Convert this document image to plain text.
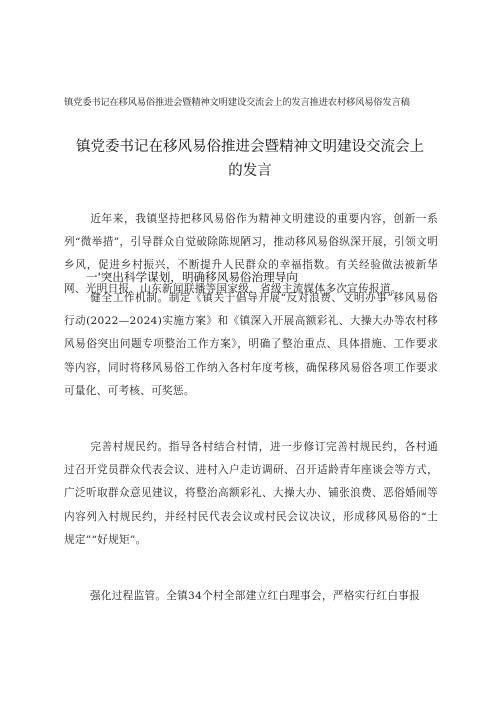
镇党委书记在移风易俗推进会暨精神文明建设交流会上的发言推进农村移风易俗发言稿
镇党委书记在移风易俗推进会暨精神文明建设交流会上
的发言
近年来，我镇坚持把移风易俗作为精神文明建设的重要内容，创新一系列“微举措”，引导群众自觉破除陈规陋习，推动移风易俗纵深开展，引领文明乡风，促进乡村振兴，不断提升人民群众的幸福指数。有关经验做法被新华网、光明日报、山东新闻联播等国家级、省级主流媒体多次宣传报道。
一'突出科学谋划，明确移风易俗治理导向
健全工作机制。制定《镇关于倡导开展“反对浪费、文明办事”移风易俗行动(2022—2024)实施方案》和《镇深入开展高额彩礼、大操大办等农村移风易俗突出问题专项整治工作方案》，明确了整治重点、具体措施、工作要求等内容，同时将移风易俗工作纳入各村年度考核，确保移风易俗各项工作要求可量化、可考核、可奖惩。
完善村规民约。指导各村结合村情，进一步修订完善村规民约，各村通过召开党员群众代表会议、进村入户走访调研、召开适龄青年座谈会等方式，广泛听取群众意见建议，将整治高额彩礼、大操大办、铺张浪费、恶俗婚闹等内容列入村规民约，并经村民代表会议或村民会议决议，形成移风易俗的“土规定”“好规矩”。
强化过程监管。全镇34个村全部建立红白理事会，严格实行红白事报
